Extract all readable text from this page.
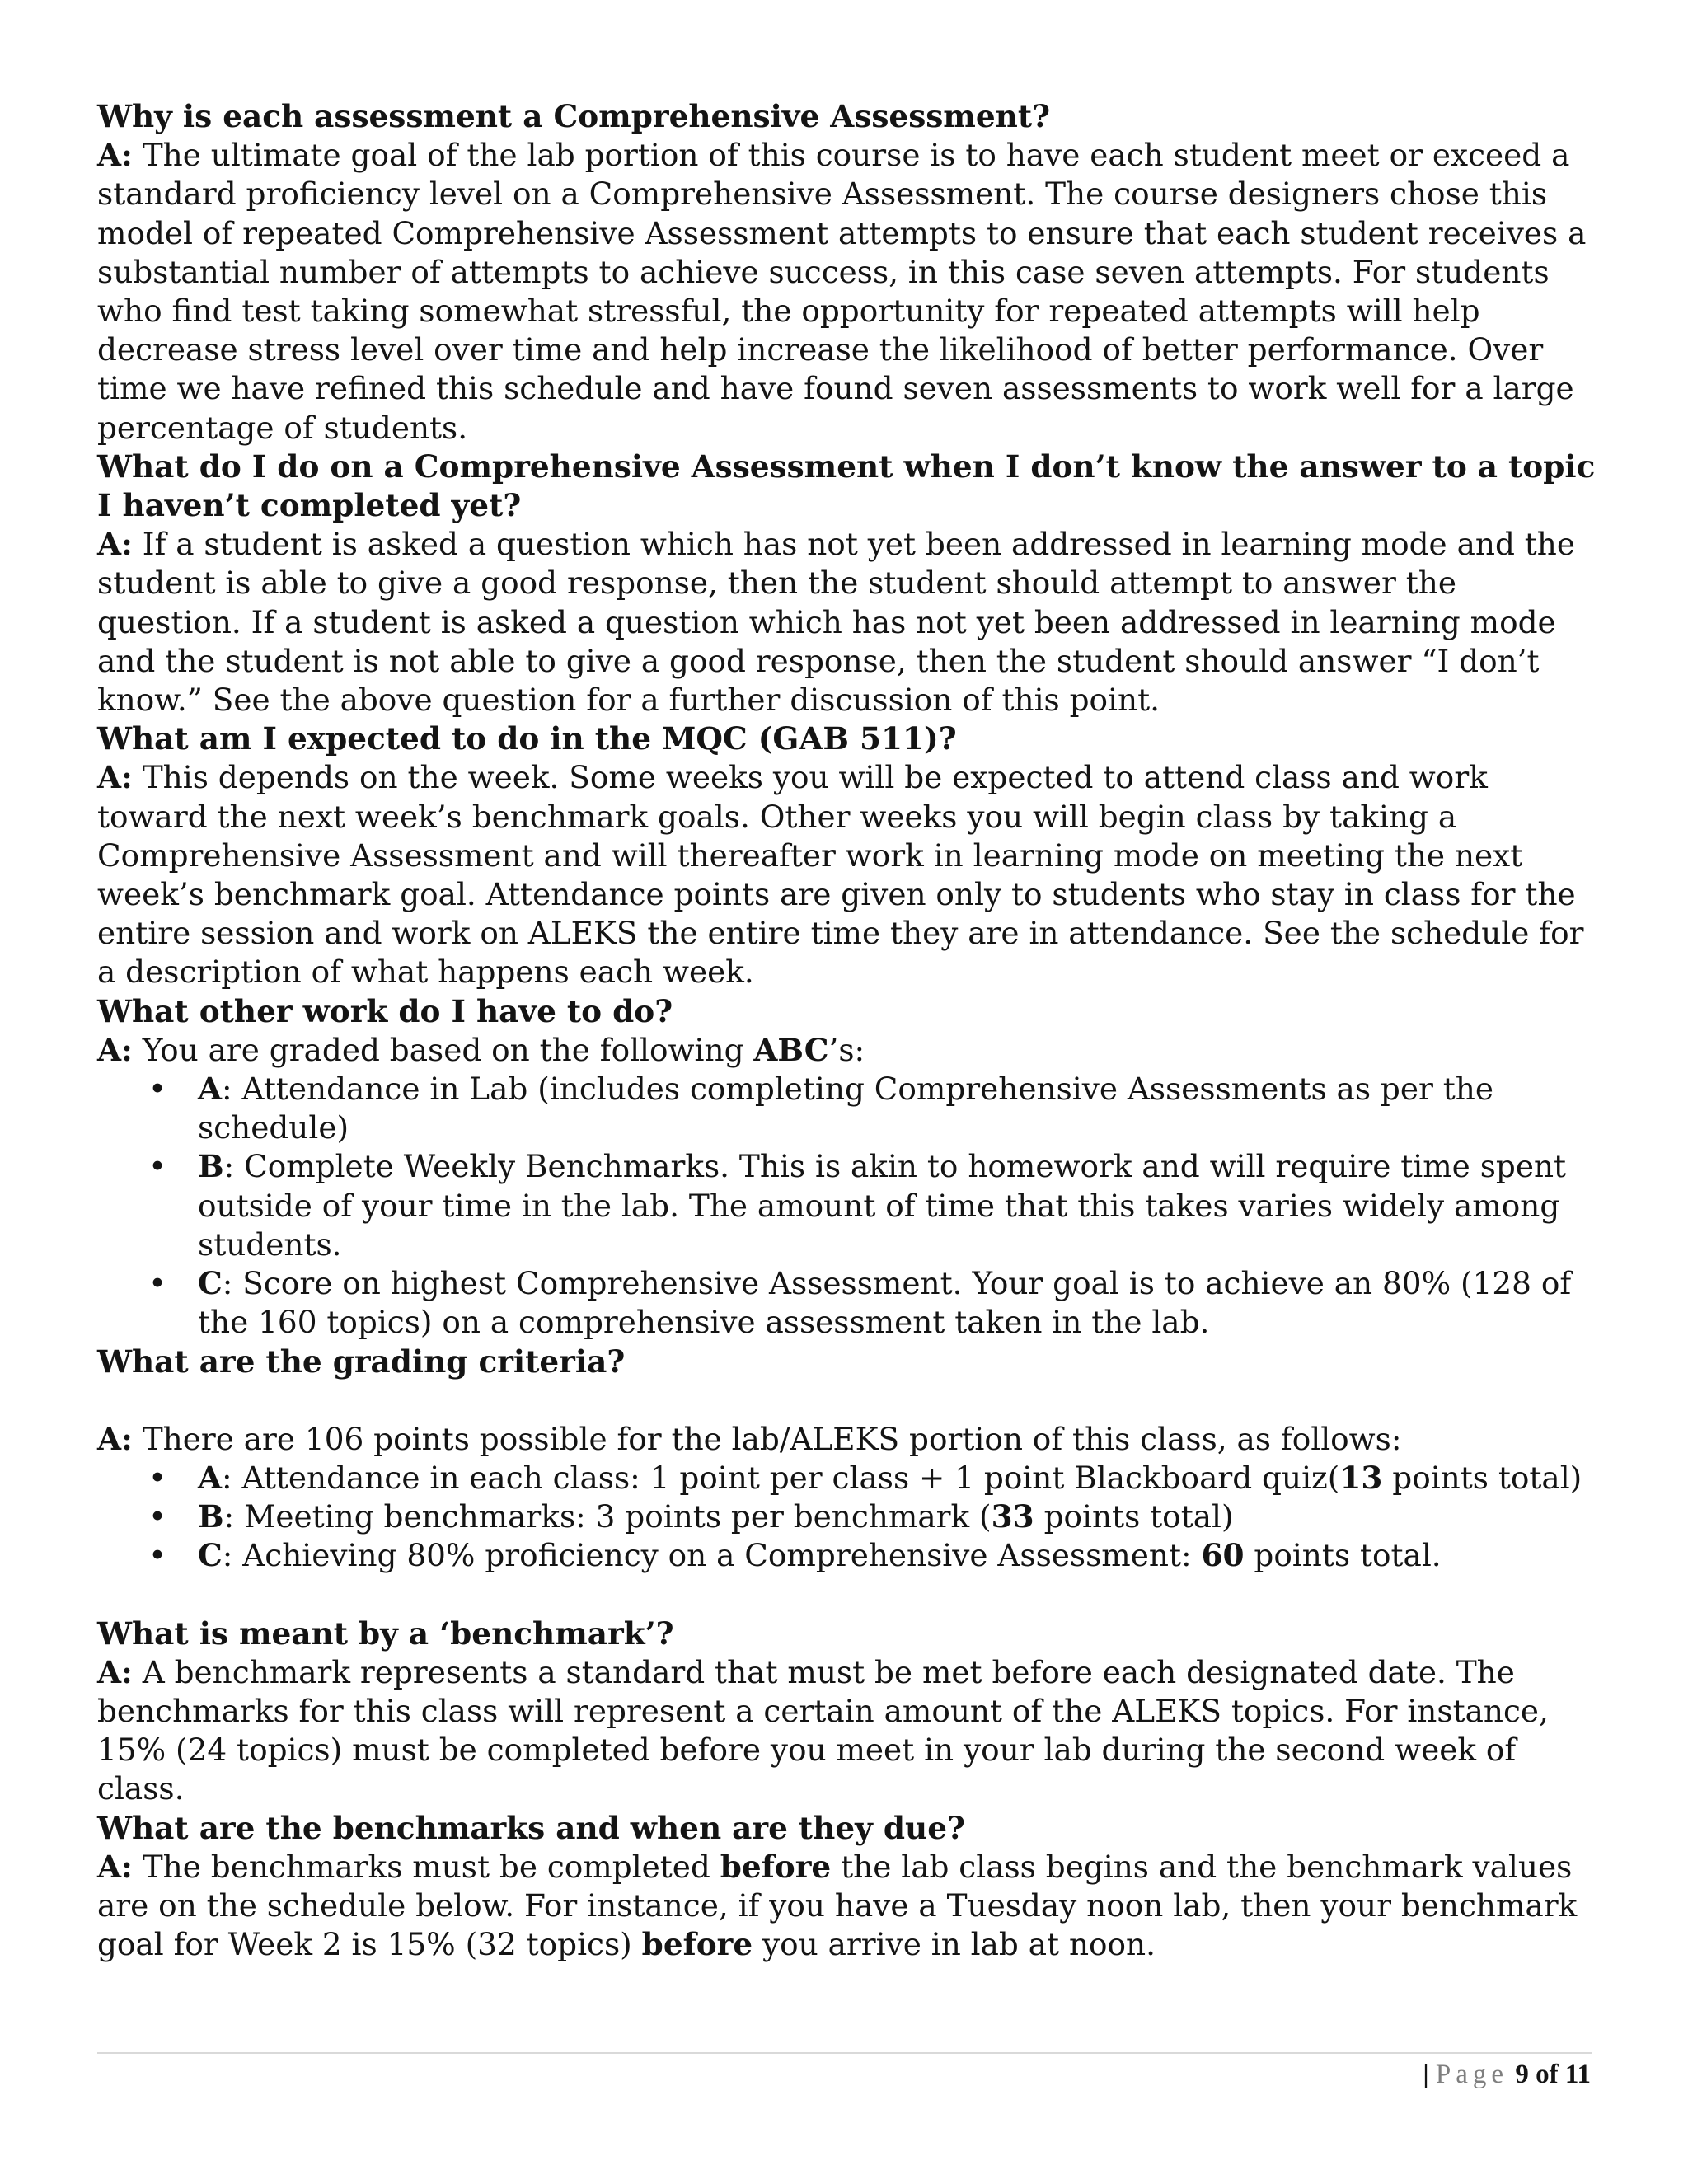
Why is each assessment a Comprehensive Assessment?

A: The ultimate goal of the lab portion of this course is to have each student meet or exceed a standard proficiency level on a Comprehensive Assessment. The course designers chose this model of repeated Comprehensive Assessment attempts to ensure that each student receives a substantial number of attempts to achieve success, in this case seven attempts. For students who find test taking somewhat stressful, the opportunity for repeated attempts will help decrease stress level over time and help increase the likelihood of better performance. Over time we have refined this schedule and have found seven assessments to work well for a large percentage of students.

What do I do on a Comprehensive Assessment when I don’t know the answer to a topic I haven’t completed yet?

A: If a student is asked a question which has not yet been addressed in learning mode and the student is able to give a good response, then the student should attempt to answer the question. If a student is asked a question which has not yet been addressed in learning mode and the student is not able to give a good response, then the student should answer “I don’t know.” See the above question for a further discussion of this point.

What am I expected to do in the MQC (GAB 511)?

A: This depends on the week. Some weeks you will be expected to attend class and work toward the next week’s benchmark goals. Other weeks you will begin class by taking a Comprehensive Assessment and will thereafter work in learning mode on meeting the next week’s benchmark goal. Attendance points are given only to students who stay in class for the entire session and work on ALEKS the entire time they are in attendance. See the schedule for a description of what happens each week.

What other work do I have to do?

A: You are graded based on the following ABC’s:

• A: Attendance in Lab (includes completing Comprehensive Assessments as per the schedule)
• B: Complete Weekly Benchmarks. This is akin to homework and will require time spent outside of your time in the lab. The amount of time that this takes varies widely among students.
• C: Score on highest Comprehensive Assessment. Your goal is to achieve an 80% (128 of the 160 topics) on a comprehensive assessment taken in the lab.

What are the grading criteria?

A: There are 106 points possible for the lab/ALEKS portion of this class, as follows:

• A: Attendance in each class: 1 point per class + 1 point Blackboard quiz(13 points total)
• B: Meeting benchmarks: 3 points per benchmark (33 points total)
• C: Achieving 80% proficiency on a Comprehensive Assessment: 60 points total.

What is meant by a ‘benchmark’?

A: A benchmark represents a standard that must be met before each designated date. The benchmarks for this class will represent a certain amount of the ALEKS topics. For instance, 15% (24 topics) must be completed before you meet in your lab during the second week of class.

What are the benchmarks and when are they due?

A: The benchmarks must be completed before the lab class begins and the benchmark values are on the schedule below. For instance, if you have a Tuesday noon lab, then your benchmark goal for Week 2 is 15% (32 topics) before you arrive in lab at noon.

| Page 9 of 11
